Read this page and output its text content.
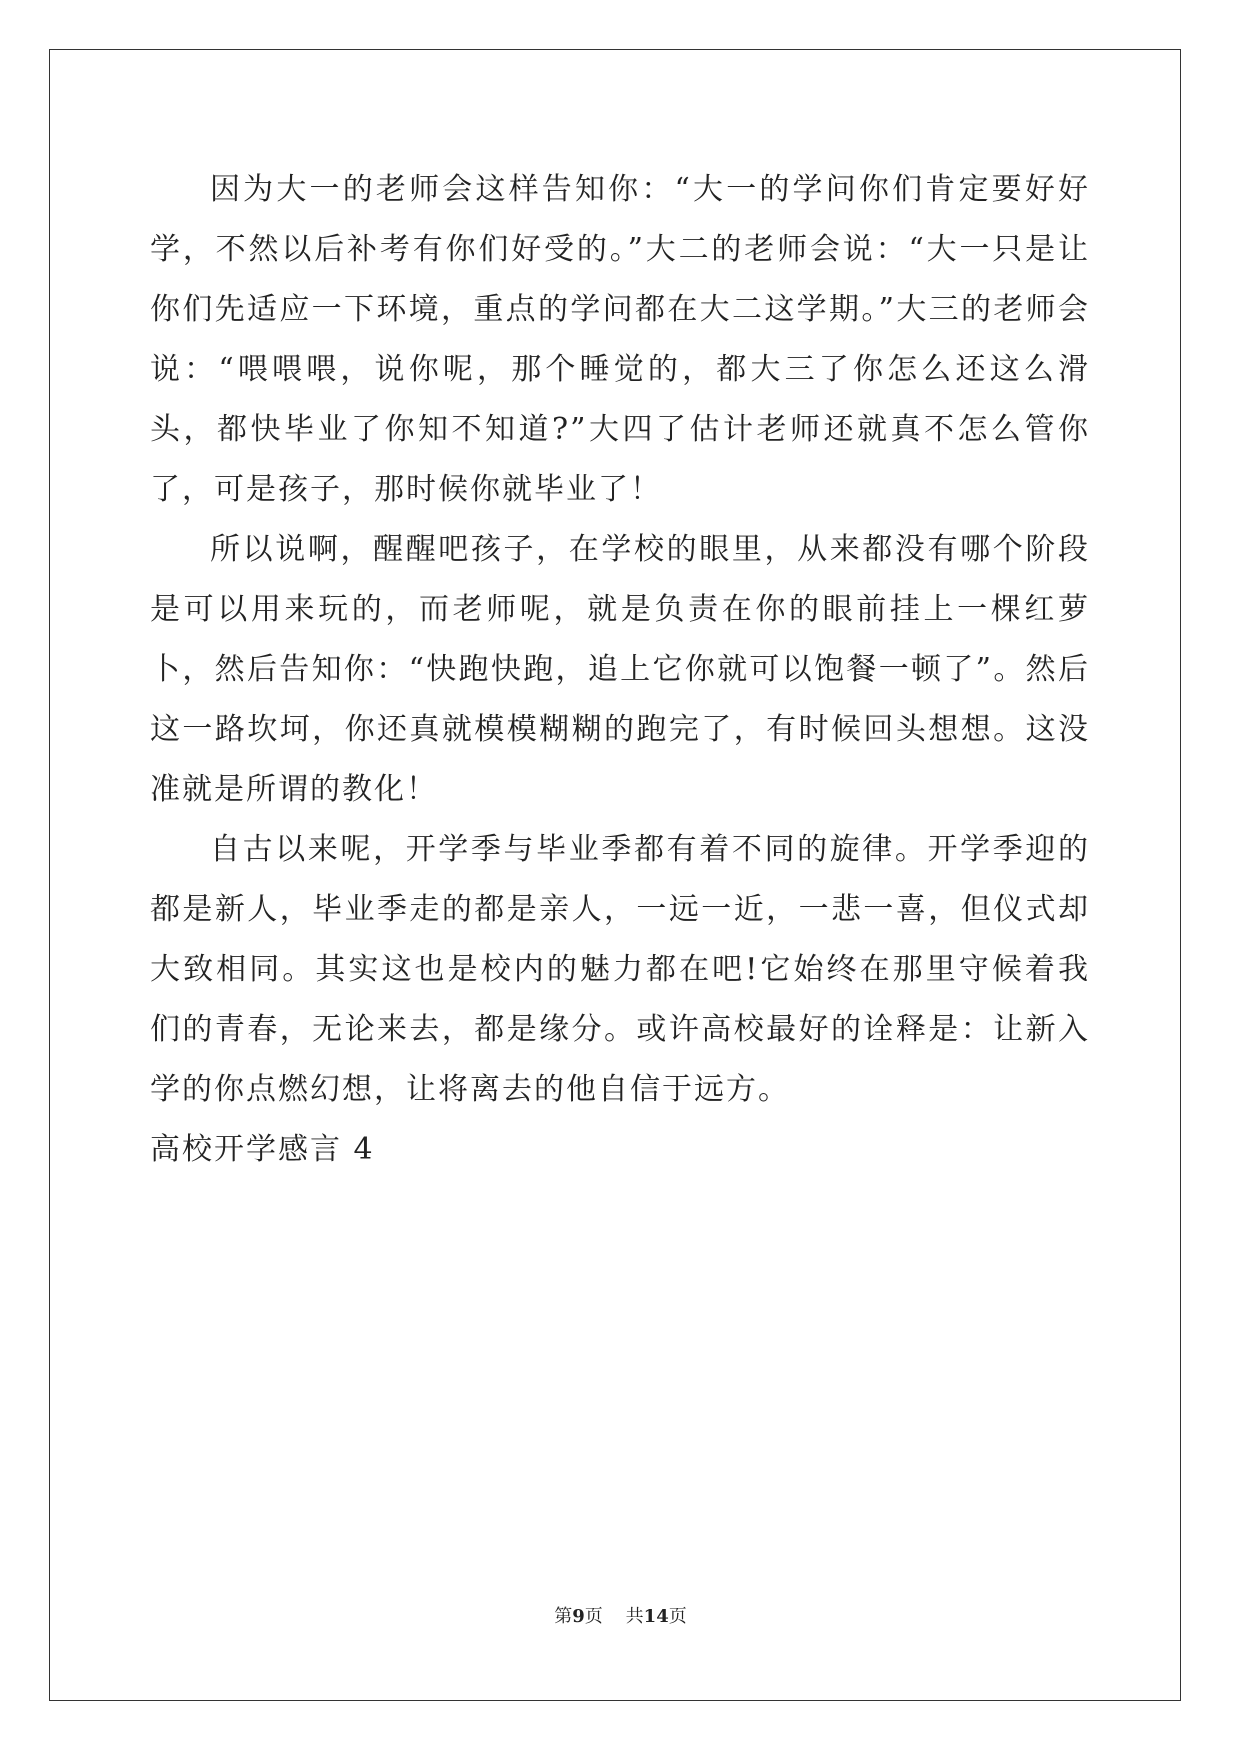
因为大一的老师会这样告知你：“大一的学问你们肯定要好好学，不然以后补考有你们好受的。”大二的老师会说：“大一只是让你们先适应一下环境，重点的学问都在大二这学期。”大三的老师会说：“喂喂喂，说你呢，那个睡觉的，都大三了你怎么还这么滑头，都快毕业了你知不知道?”大四了估计老师还就真不怎么管你了，可是孩子，那时候你就毕业了！

所以说啊，醒醒吧孩子，在学校的眼里，从来都没有哪个阶段是可以用来玩的，而老师呢，就是负责在你的眼前挂上一棵红萝卜，然后告知你：“快跑快跑，追上它你就可以饱餐一顿了”。然后这一路坎坷，你还真就模模糊糊的跑完了，有时候回头想想。这没准就是所谓的教化！

自古以来呢，开学季与毕业季都有着不同的旋律。开学季迎的都是新人，毕业季走的都是亲人，一远一近，一悲一喜，但仪式却大致相同。其实这也是校内的魅力都在吧!它始终在那里守候着我们的青春，无论来去，都是缘分。或许高校最好的诠释是：让新入学的你点燃幻想，让将离去的他自信于远方。

高校开学感言 4

第9页 共14页
